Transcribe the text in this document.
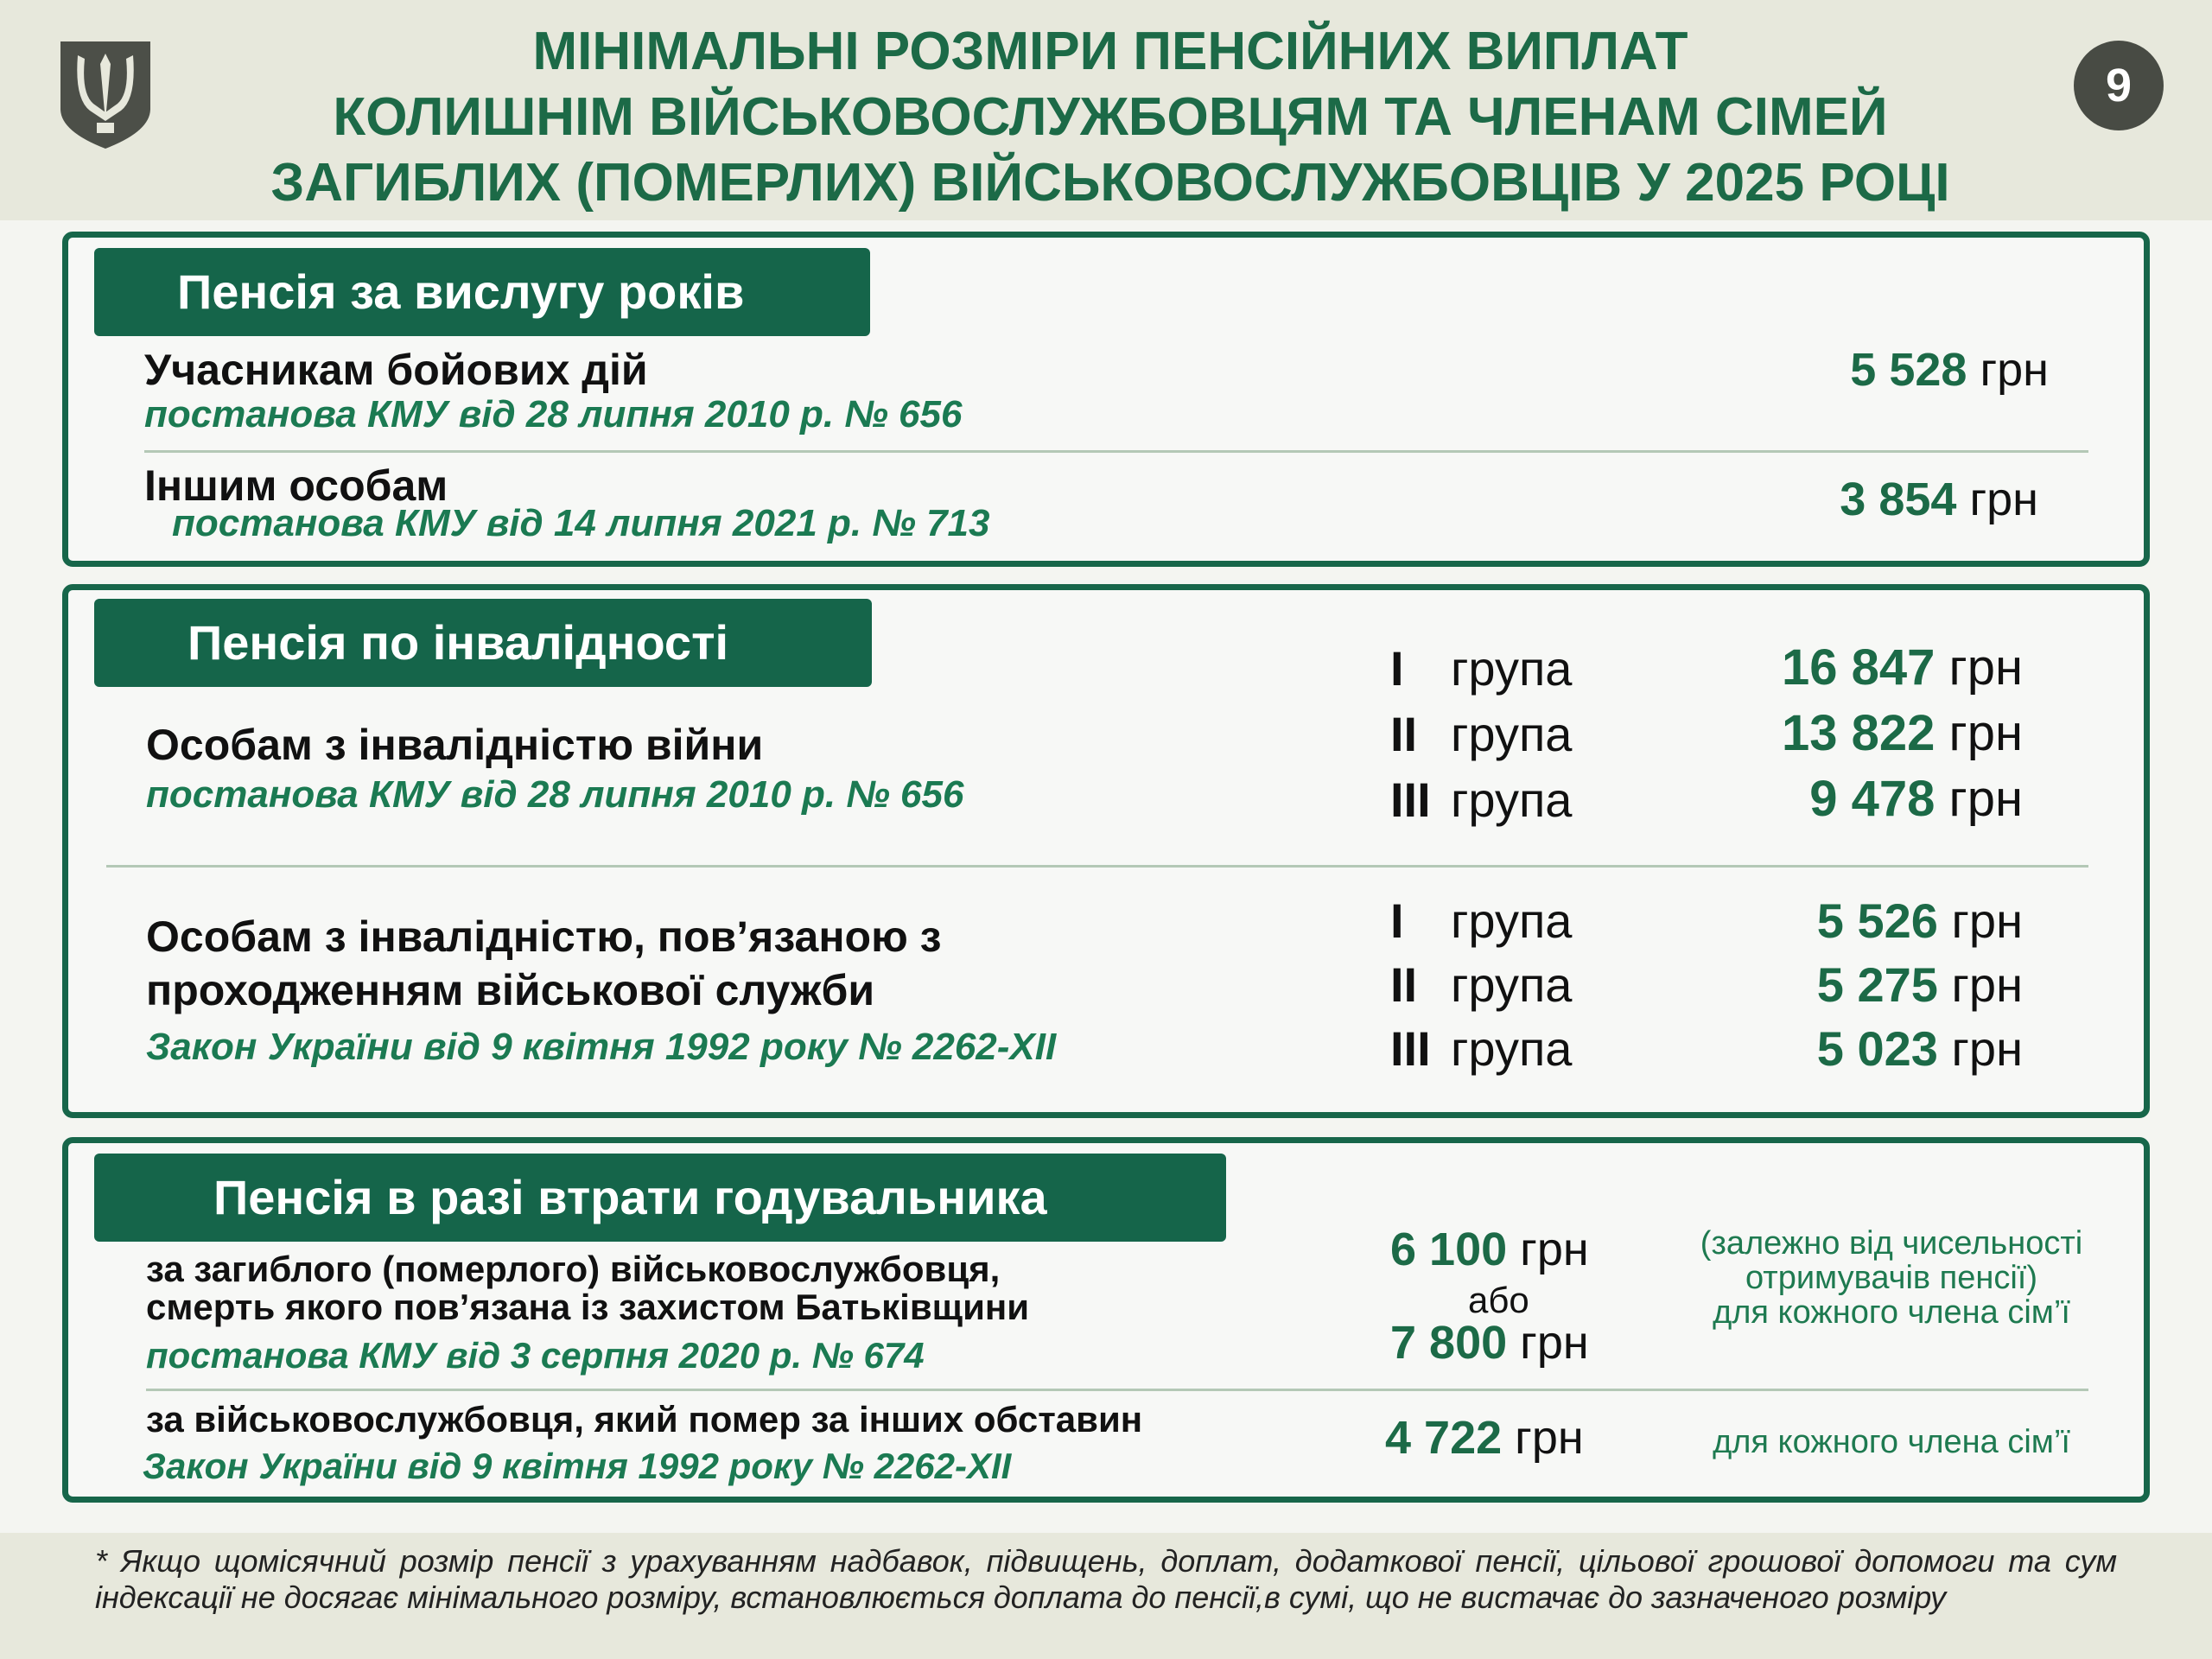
МІНІМАЛЬНІ РОЗМІРИ ПЕНСІЙНИХ ВИПЛАТ
КОЛИШНІМ ВІЙСЬКОВОСЛУЖБОВЦЯМ ТА ЧЛЕНАМ СІМЕЙ
ЗАГИБЛИХ (ПОМЕРЛИХ) ВІЙСЬКОВОСЛУЖБОВЦІВ У 2025 РОЦІ
9
Пенсія за вислугу років
Учасникам бойових дій
постанова КМУ від 28 липня 2010 р. № 656
5 528 грн
Іншим особам
постанова КМУ від 14 липня 2021 р. № 713	3 854 грн
Пенсія по інвалідності
Особам з інвалідністю війни
постанова КМУ від 28 липня 2010 р. № 656
I група
II група
III група
16 847 грн
13 822 грн
9 478 грн
Особам з інвалідністю, пов’язаною з
проходженням військової служби
Закон України від 9 квітня 1992 року № 2262-XII
I група
II група
III група
5 526 грн
5 275 грн
5 023 грн
Пенсія в разі втрати годувальника
за загиблого (померлого) військовослужбовця,
смерть якого пов’язана із захистом Батьківщини
постанова КМУ від 3 серпня 2020 р. № 674
6 100 грн
або
7 800 грн
(залежно від чисельності
отримувачів пенсії)
для кожного члена сім’ї
за військовослужбовця, який помер за інших обставин
Закон України від 9 квітня 1992 року № 2262-XII
4 722 грн	для кожного члена сім’ї
* Якщо щомісячний розмір пенсії з урахуванням надбавок, підвищень, доплат, додаткової пенсії, цільової грошової допомоги та сум індексації не досягає мінімального розміру, встановлюється доплата до пенсії,в сумі, що не вистачає до зазначеного розміру
